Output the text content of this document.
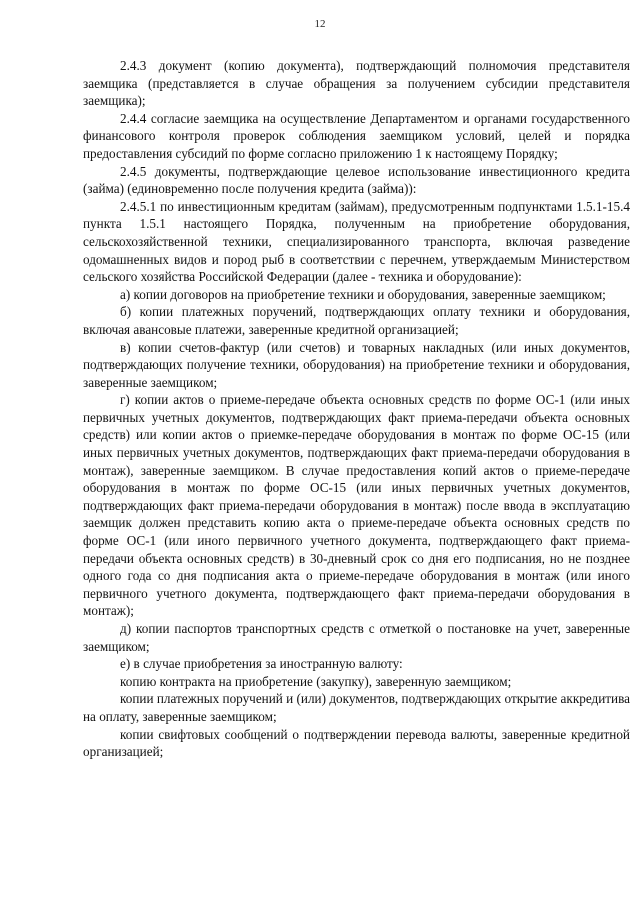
12

2.4.3 документ (копию документа), подтверждающий полномочия представителя заемщика (представляется в случае обращения за получением субсидии представителя заемщика);

2.4.4 согласие заемщика на осуществление Департаментом и органами государственного финансового контроля проверок соблюдения заемщиком условий, целей и порядка предоставления субсидий по форме согласно приложению 1 к настоящему Порядку;

2.4.5 документы, подтверждающие целевое использование инвестиционного кредита (займа) (единовременно после получения кредита (займа)):

2.4.5.1 по инвестиционным кредитам (займам), предусмотренным подпунктами 1.5.1-15.4 пункта 1.5.1 настоящего Порядка, полученным на приобретение оборудования, сельскохозяйственной техники, специализированного транспорта, включая разведение одомашненных видов и пород рыб в соответствии с перечнем, утверждаемым Министерством сельского хозяйства Российской Федерации (далее - техника и оборудование):

а) копии договоров на приобретение техники и оборудования, заверенные заемщиком;

б) копии платежных поручений, подтверждающих оплату техники и оборудования, включая авансовые платежи, заверенные кредитной организацией;

в) копии счетов-фактур (или счетов) и товарных накладных (или иных документов, подтверждающих получение техники, оборудования) на приобретение техники и оборудования, заверенные заемщиком;

г) копии актов о приеме-передаче объекта основных средств по форме ОС-1 (или иных первичных учетных документов, подтверждающих факт приема-передачи объекта основных средств) или копии актов о приемке-передаче оборудования в монтаж по форме ОС-15 (или иных первичных учетных документов, подтверждающих факт приема-передачи оборудования в монтаж), заверенные заемщиком. В случае предоставления копий актов о приеме-передаче оборудования в монтаж по форме ОС-15 (или иных первичных учетных документов, подтверждающих факт приема-передачи оборудования в монтаж) после ввода в эксплуатацию заемщик должен представить копию акта о приеме-передаче объекта основных средств по форме ОС-1 (или иного первичного учетного документа, подтверждающего факт приема-передачи объекта основных средств) в 30-дневный срок со дня его подписания, но не позднее одного года со дня подписания акта о приеме-передаче оборудования в монтаж (или иного первичного учетного документа, подтверждающего факт приема-передачи оборудования в монтаж);

д) копии паспортов транспортных средств с отметкой о постановке на учет, заверенные заемщиком;

е) в случае приобретения за иностранную валюту:

копию контракта на приобретение (закупку), заверенную заемщиком;

копии платежных поручений и (или) документов, подтверждающих открытие аккредитива на оплату, заверенные заемщиком;

копии свифтовых сообщений о подтверждении перевода валюты, заверенные кредитной организацией;
